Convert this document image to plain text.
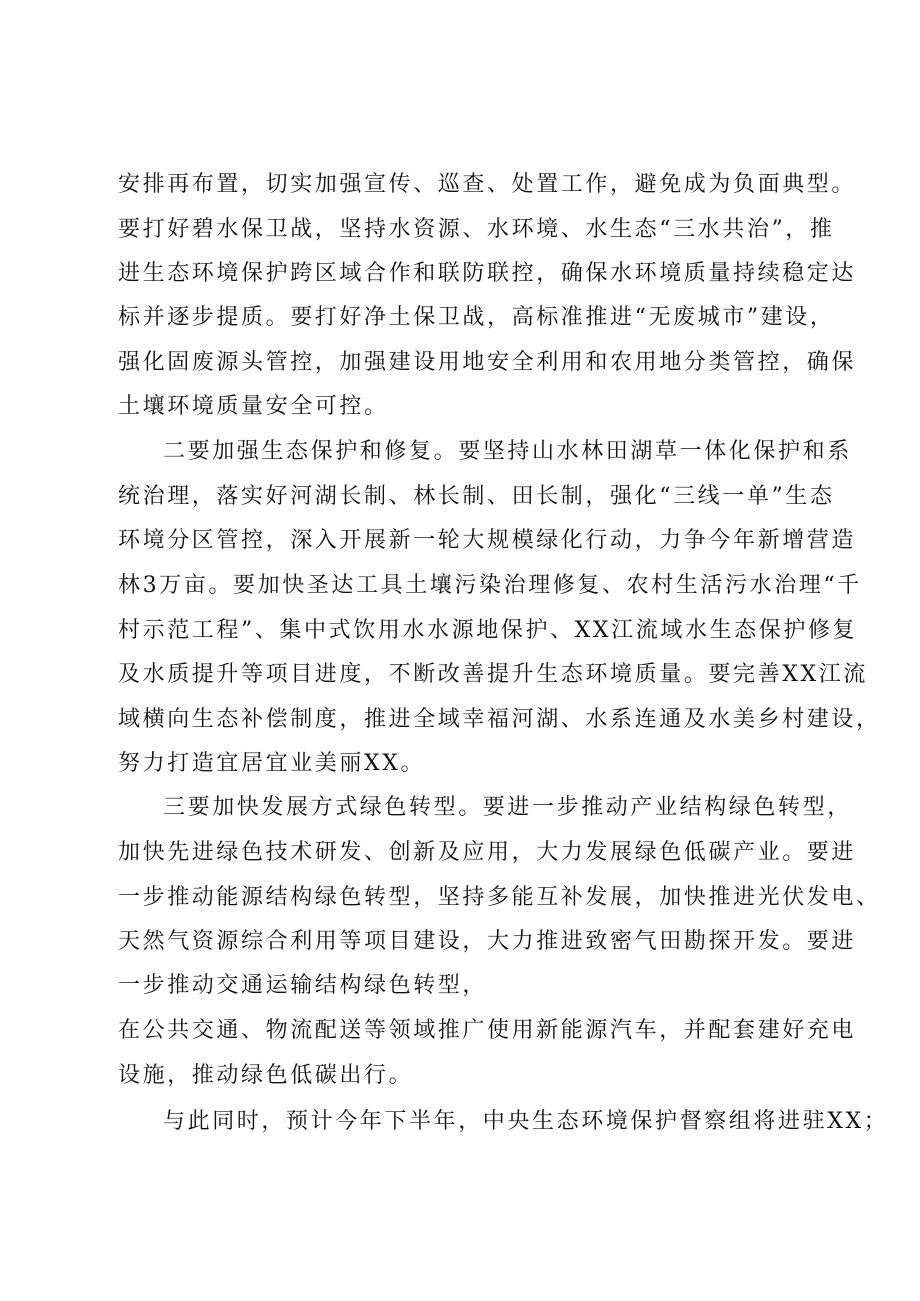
安排再布置，切实加强宣传、巡查、处置工作，避免成为负面典型。
要打好碧水保卫战，坚持水资源、水环境、水生态“三水共治”，推
进生态环境保护跨区域合作和联防联控，确保水环境质量持续稳定达
标并逐步提质。要打好净土保卫战，高标准推进“无废城市”建设，
强化固废源头管控，加强建设用地安全利用和农用地分类管控，确保
土壤环境质量安全可控。
二要加强生态保护和修复。要坚持山水林田湖草一体化保护和系
统治理，落实好河湖长制、林长制、田长制，强化“三线一单”生态
环境分区管控，深入开展新一轮大规模绿化行动，力争今年新增营造
林3万亩。要加快圣达工具土壤污染治理修复、农村生活污水治理“千
村示范工程”、集中式饮用水水源地保护、XX江流域水生态保护修复
及水质提升等项目进度，不断改善提升生态环境质量。要完善XX江流
域横向生态补偿制度，推进全域幸福河湖、水系连通及水美乡村建设，
努力打造宜居宜业美丽XX。
三要加快发展方式绿色转型。要进一步推动产业结构绿色转型，
加快先进绿色技术研发、创新及应用，大力发展绿色低碳产业。要进
一步推动能源结构绿色转型，坚持多能互补发展，加快推进光伏发电、
天然气资源综合利用等项目建设，大力推进致密气田勘探开发。要进
一步推动交通运输结构绿色转型，
在公共交通、物流配送等领域推广使用新能源汽车，并配套建好充电
设施，推动绿色低碳出行。
与此同时，预计今年下半年，中央生态环境保护督察组将进驻XX；
